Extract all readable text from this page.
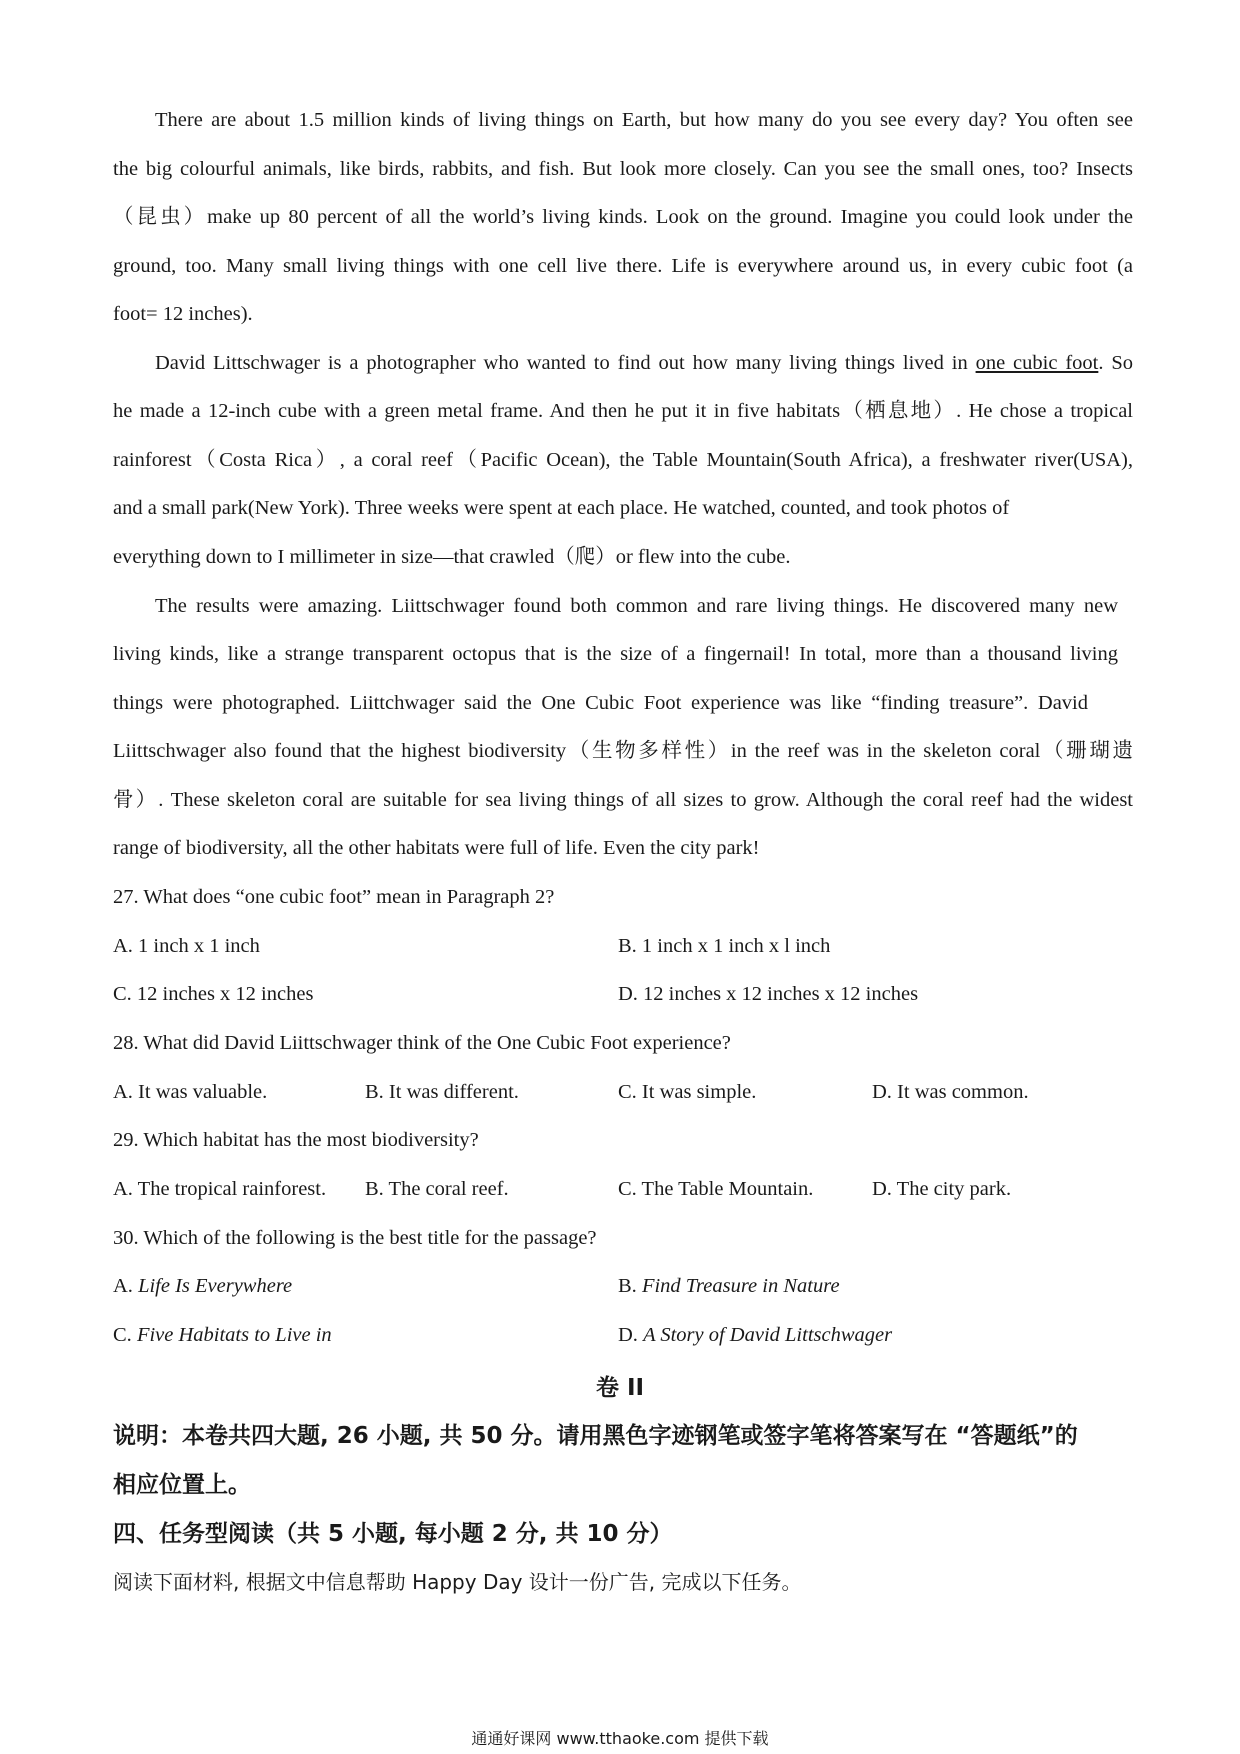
There are about 1.5 million kinds of living things on Earth, but how many do you see every day? You often see
the big colourful animals, like birds, rabbits, and fish. But look more closely. Can you see the small ones, too? Insects
（昆虫）make up 80 percent of all the world’s living kinds. Look on the ground. Imagine you could look under the
ground, too. Many small living things with one cell live there. Life is everywhere around us, in every cubic foot (a
foot= 12 inches).
David Littschwager is a photographer who wanted to find out how many living things lived in one cubic foot. So
he made a 12-inch cube with a green metal frame. And then he put it in five habitats（栖息地）. He chose a tropical
rainforest（Costa Rica）, a coral reef（Pacific Ocean), the Table Mountain(South Africa), a freshwater river(USA),
and a small park(New York). Three weeks were spent at each place. He watched, counted, and took photos of
everything down to I millimeter in size—that crawled（爬）or flew into the cube.
The results were amazing. Liittschwager found both common and rare living things. He discovered many new
living kinds, like a strange transparent octopus that is the size of a fingernail! In total, more than a thousand living
things were photographed. Liittchwager said the One Cubic Foot experience was like “finding treasure”. David
Liittschwager also found that the highest biodiversity（生物多样性）in the reef was in the skeleton coral（珊瑚遗
骨）. These skeleton coral are suitable for sea living things of all sizes to grow. Although the coral reef had the widest
range of biodiversity, all the other habitats were full of life. Even the city park!
27. What does “one cubic foot” mean in Paragraph 2?
A. 1 inch x 1 inch	B. 1 inch x 1 inch x l inch
C. 12 inches x 12 inches	D. 12 inches x 12 inches x 12 inches
28. What did David Liittschwager think of the One Cubic Foot experience?
A. It was valuable.	B. It was different.	C. It was simple.	D. It was common.
29. Which habitat has the most biodiversity?
A. The tropical rainforest. B. The coral reef.	C. The Table Mountain.	D. The city park.
30. Which of the following is the best title for the passage?
A. Life Is Everywhere	B. Find Treasure in Nature
C. Five Habitats to Live in	D. A Story of David Littschwager
卷 II
说明：本卷共四大题, 26 小题, 共 50 分。请用黑色字迹钢笔或签字笔将答案写在 “答题纸”的
相应位置上。
四、任务型阅读（共 5 小题, 每小题 2 分, 共 10 分）
阅读下面材料, 根据文中信息帮助 Happy Day 设计一份广告, 完成以下任务。
通通好课网 www.tthaoke.com 提供下载
